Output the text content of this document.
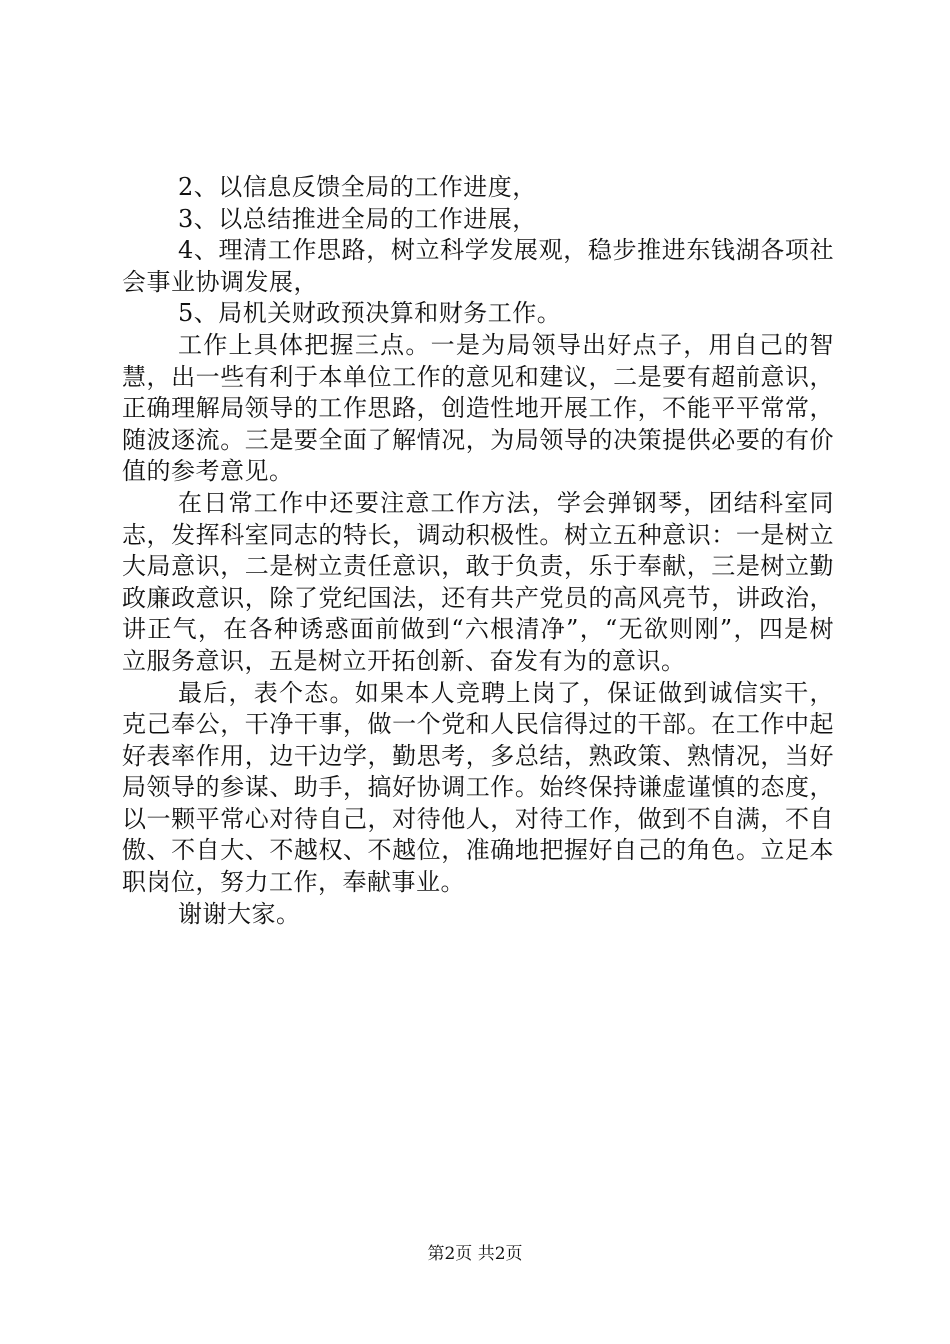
2、以信息反馈全局的工作进度，

3、以总结推进全局的工作进展，

4、理清工作思路，树立科学发展观，稳步推进东钱湖各项社会事业协调发展，

5、局机关财政预决算和财务工作。

工作上具体把握三点。一是为局领导出好点子，用自己的智慧，出一些有利于本单位工作的意见和建议，二是要有超前意识，正确理解局领导的工作思路，创造性地开展工作，不能平平常常，随波逐流。三是要全面了解情况，为局领导的决策提供必要的有价值的参考意见。

在日常工作中还要注意工作方法，学会弹钢琴，团结科室同志，发挥科室同志的特长，调动积极性。树立五种意识：一是树立大局意识，二是树立责任意识，敢于负责，乐于奉献，三是树立勤政廉政意识，除了党纪国法，还有共产党员的高风亮节，讲政治，讲正气，在各种诱惑面前做到“六根清净”，“无欲则刚”，四是树立服务意识，五是树立开拓创新、奋发有为的意识。

最后，表个态。如果本人竞聘上岗了，保证做到诚信实干，克己奉公，干净干事，做一个党和人民信得过的干部。在工作中起好表率作用，边干边学，勤思考，多总结，熟政策、熟情况，当好局领导的参谋、助手，搞好协调工作。始终保持谦虚谨慎的态度，以一颗平常心对待自己，对待他人，对待工作，做到不自满，不自傲、不自大、不越权、不越位，准确地把握好自己的角色。立足本职岗位，努力工作，奉献事业。

谢谢大家。

第2页 共2页
